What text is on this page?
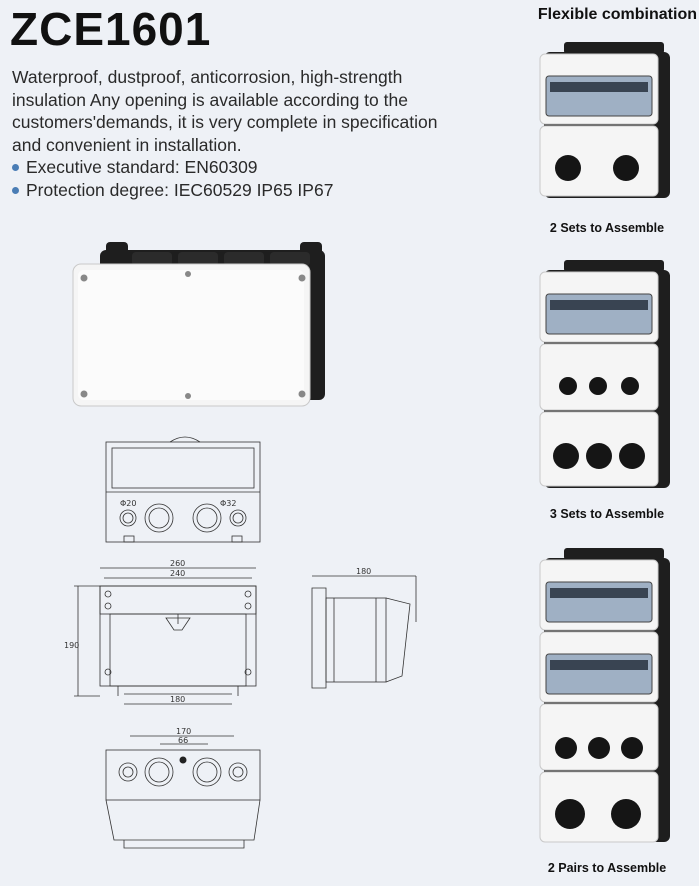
ZCE1601

Waterproof, dustproof, anticorrosion, high-strength insulation Any opening is available according to the customers'demands, it is very complete in specification and convenient in installation.

Executive standard: EN60309
Protection degree: IEC60529 IP65 IP67
Flexible combination
Φ20	Φ32
260
240
190
180
180
170
66
2 Sets to Assemble
3 Sets to Assemble
2 Pairs to Assemble
